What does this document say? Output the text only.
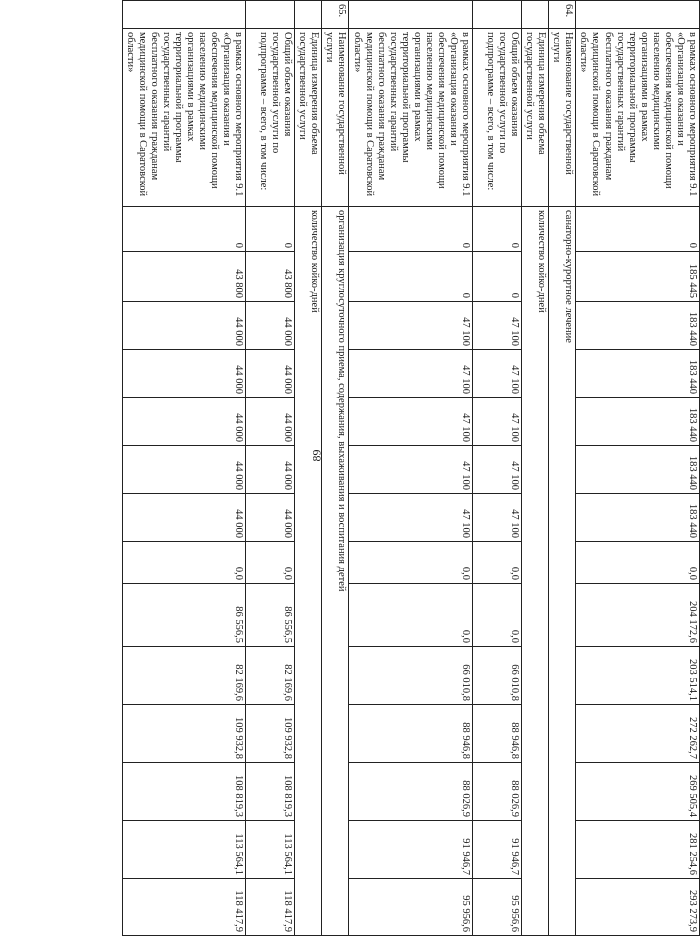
89
	в рамках основного мероприятия 9.1 «Организация оказания и обеспечения медицинской помощи населению медицинскими организациями в рамках территориальной программы государственных гарантий бесплатного оказания гражданам медицинской помощи в Саратовской области»	0	185 445	183 440	183 440	183 440	183 440	183 440	0,0	204 172,6	203 514,1	272 262,7	269 505,4	281 254,6	293 273,9
64.	Наименование государственной услуги	санаторно-курортное лечение													
	Единица измерения объема государственной услуги	количество койко-дней													
	Общий объем оказания государственной услуги по подпрограмме – всего, в том числе:	0	0	47 100	47 100	47 100	47 100	47 100	0,0	0,0	66 010,8	88 946,8	88 026,9	91 946,7	95 956,6
	в рамках основного мероприятия 9.1 «Организация оказания и обеспечения медицинской помощи населению медицинскими организациями в рамках территориальной программы государственных гарантий бесплатного оказания гражданам медицинской помощи в Саратовской области»	0	0	47 100	47 100	47 100	47 100	47 100	0,0	0,0	66 010,8	88 946,8	88 026,9	91 946,7	95 956,6
65.	Наименование государственной услуги	организация круглосуточного приема, содержания, выхаживания и воспитания детей													
	Единица измерения объема государственной услуги	количество койко-дней													
	Общий объем оказания государственной услуги по подпрограмме – всего, в том числе:	0	43 800	44 000	44 000	44 000	44 000	44 000	0,0	86 556,5	82 169,6	109 932,8	108 819,3	113 564,1	118 417,9
	в рамках основного мероприятия 9.1 «Организация оказания и обеспечения медицинской помощи населению медицинскими организациями в рамках территориальной программы государственных гарантий бесплатного оказания гражданам медицинской помощи в Саратовской области»	0	43 800	44 000	44 000	44 000	44 000	44 000	0,0	86 556,5	82 169,6	109 932,8	108 819,3	113 564,1	118 417,9
